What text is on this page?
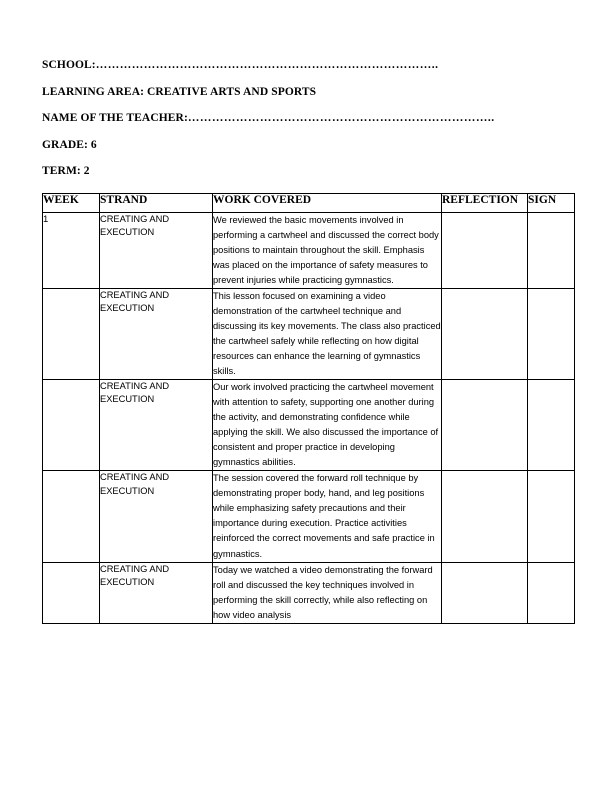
SCHOOL:…………………………………………………………………………..
LEARNING AREA: CREATIVE ARTS AND SPORTS
NAME OF THE TEACHER:…………………………………………………………………..
GRADE: 6
TERM: 2
WEEK	STRAND	WORK COVERED	REFLECTION	SIGN
1	CREATING AND EXECUTION	We reviewed the basic movements involved in performing a cartwheel and discussed the correct body positions to maintain throughout the skill. Emphasis was placed on the importance of safety measures to prevent injuries while practicing gymnastics.		
	CREATING AND EXECUTION	This lesson focused on examining a video demonstration of the cartwheel technique and discussing its key movements. The class also practiced the cartwheel safely while reflecting on how digital resources can enhance the learning of gymnastics skills.		
	CREATING AND EXECUTION	Our work involved practicing the cartwheel movement with attention to safety, supporting one another during the activity, and demonstrating confidence while applying the skill. We also discussed the importance of consistent and proper practice in developing gymnastics abilities.		
	CREATING AND EXECUTION	The session covered the forward roll technique by demonstrating proper body, hand, and leg positions while emphasizing safety precautions and their importance during execution. Practice activities reinforced the correct movements and safe practice in gymnastics.		
	CREATING AND EXECUTION	Today we watched a video demonstrating the forward roll and discussed the key techniques involved in performing the skill correctly, while also reflecting on how video analysis		
